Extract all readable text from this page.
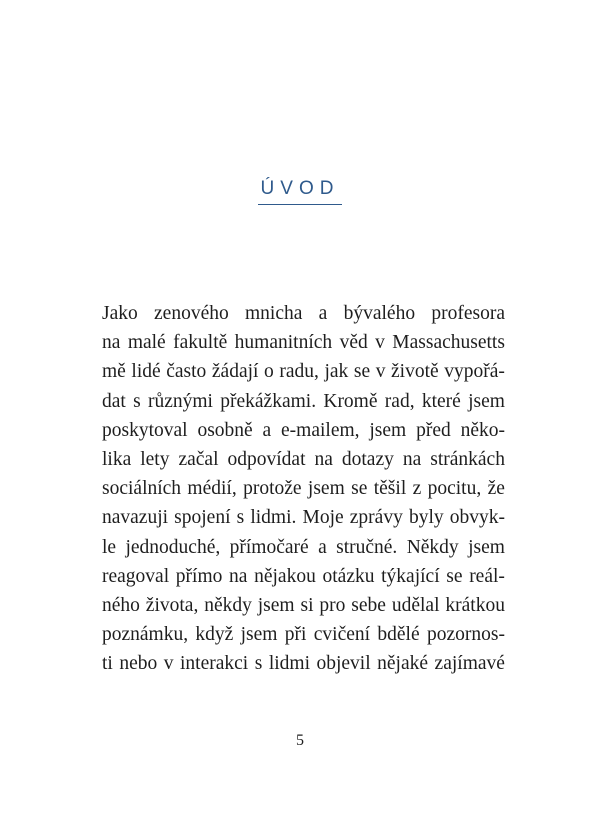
ÚVOD
Jako zenového mnicha a bývalého profesora
na malé fakultě humanitních věd v Massachusetts
mě lidé často žádají o radu, jak se v životě vypořá-
dat s různými překážkami. Kromě rad, které jsem
poskytoval osobně a e-mailem, jsem před něko-
lika lety začal odpovídat na dotazy na stránkách
sociálních médií, protože jsem se těšil z pocitu, že
navazuji spojení s lidmi. Moje zprávy byly obvyk-
le jednoduché, přímočaré a stručné. Někdy jsem
reagoval přímo na nějakou otázku týkající se reál-
ného života, někdy jsem si pro sebe udělal krátkou
poznámku, když jsem při cvičení bdělé pozornos-
ti nebo v interakci s lidmi objevil nějaké zajímavé
5
